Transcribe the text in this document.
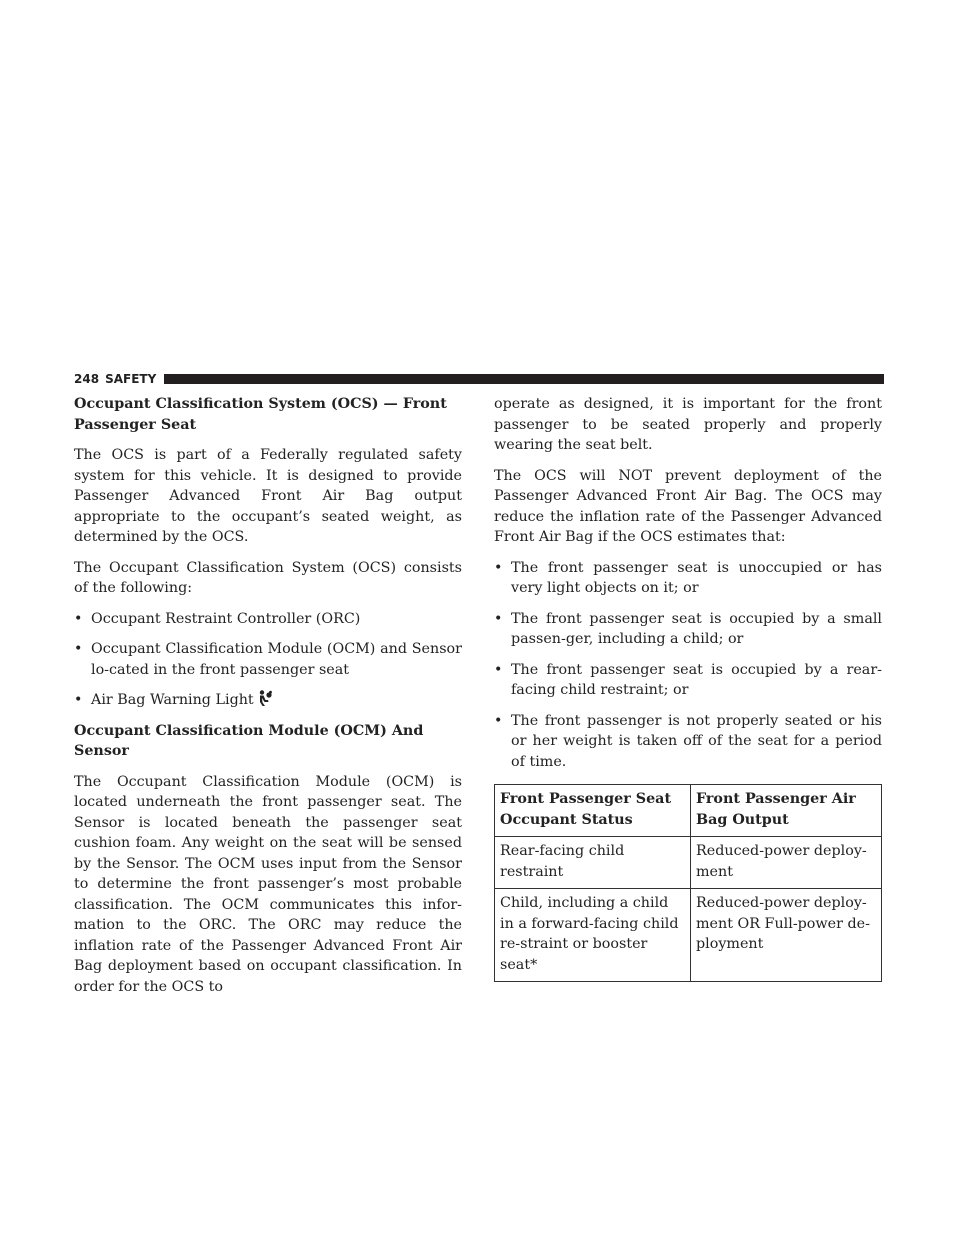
248 SAFETY
Occupant Classification System (OCS) — Front Passenger Seat

The OCS is part of a Federally regulated safety system for this vehicle. It is designed to provide Passenger Advanced Front Air Bag output appropriate to the occupant’s seated weight, as determined by the OCS.

The Occupant Classification System (OCS) consists of the following:

• Occupant Restraint Controller (ORC)
• Occupant Classification Module (OCM) and Sensor lo-cated in the front passenger seat
• Air Bag Warning Light
Occupant Classification Module (OCM) And Sensor

The Occupant Classification Module (OCM) is located underneath the front passenger seat. The Sensor is located beneath the passenger seat cushion foam. Any weight on the seat will be sensed by the Sensor. The OCM uses input from the Sensor to determine the front passenger’s most probable classification. The OCM communicates this infor-mation to the ORC. The ORC may reduce the inflation rate of the Passenger Advanced Front Air Bag deployment based on occupant classification. In order for the OCS to

operate as designed, it is important for the front passenger to be seated properly and properly wearing the seat belt.

The OCS will NOT prevent deployment of the Passenger Advanced Front Air Bag. The OCS may reduce the inflation rate of the Passenger Advanced Front Air Bag if the OCS estimates that:

• The front passenger seat is unoccupied or has very light objects on it; or
• The front passenger seat is occupied by a small passen-ger, including a child; or
• The front passenger seat is occupied by a rear-facing child restraint; or
• The front passenger is not properly seated or his or her weight is taken off of the seat for a period of time.
Front Passenger Seat Occupant Status	Front Passenger Air Bag Output
Rear-facing child restraint	Reduced-power deploy-ment
Child, including a child in a forward-facing child re-straint or booster seat*	Reduced-power deploy-ment OR Full-power de-ployment
